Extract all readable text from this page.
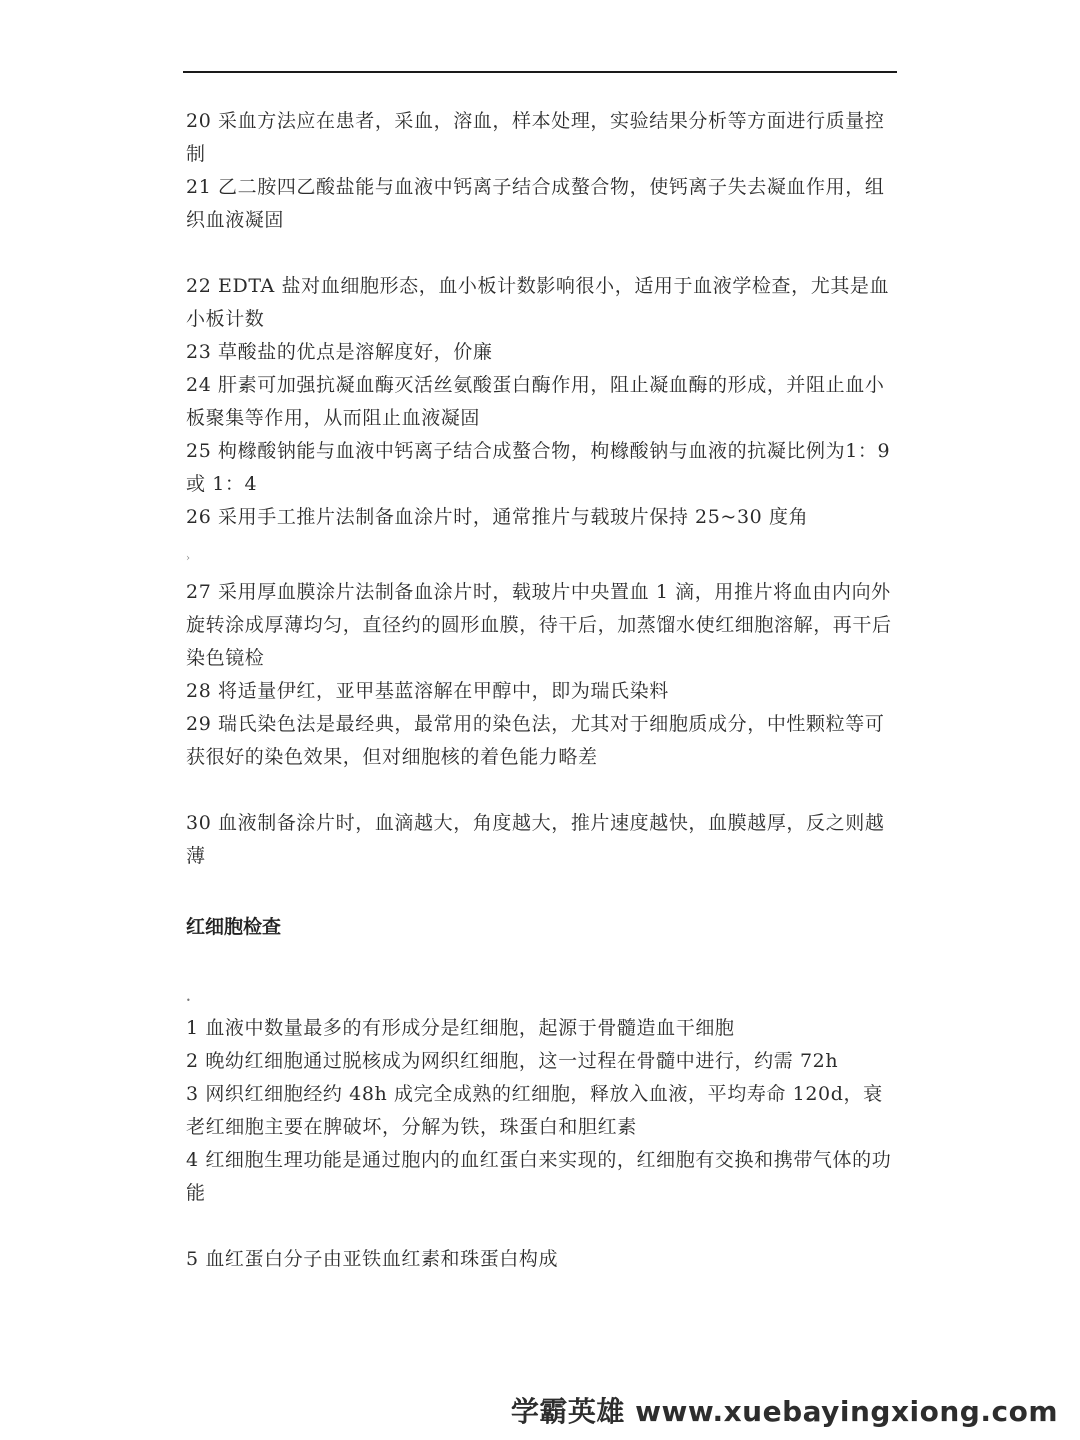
20 采血方法应在患者，采血，溶血，样本处理，实验结果分析等方面进行质量控制

21 乙二胺四乙酸盐能与血液中钙离子结合成螯合物，使钙离子失去凝血作用，组织血液凝固

22 EDTA 盐对血细胞形态，血小板计数影响很小，适用于血液学检查，尤其是血小板计数

23 草酸盐的优点是溶解度好，价廉

24 肝素可加强抗凝血酶灭活丝氨酸蛋白酶作用，阻止凝血酶的形成，并阻止血小板聚集等作用，从而阻止血液凝固

25 枸橼酸钠能与血液中钙离子结合成螯合物，枸橼酸钠与血液的抗凝比例为1：9 或 1：4

26 采用手工推片法制备血涂片时，通常推片与载玻片保持 25~30 度角

›

27 采用厚血膜涂片法制备血涂片时，载玻片中央置血 1 滴，用推片将血由内向外旋转涂成厚薄均匀，直径约的圆形血膜，待干后，加蒸馏水使红细胞溶解，再干后染色镜检

28 将适量伊红，亚甲基蓝溶解在甲醇中，即为瑞氏染料

29 瑞氏染色法是最经典，最常用的染色法，尤其对于细胞质成分，中性颗粒等可获很好的染色效果，但对细胞核的着色能力略差

30 血液制备涂片时，血滴越大，角度越大，推片速度越快，血膜越厚，反之则越薄

红细胞检查
•

1 血液中数量最多的有形成分是红细胞，起源于骨髓造血干细胞

2 晚幼红细胞通过脱核成为网织红细胞，这一过程在骨髓中进行，约需 72h

3 网织红细胞经约 48h 成完全成熟的红细胞，释放入血液，平均寿命 120d，衰老红细胞主要在脾破坏，分解为铁，珠蛋白和胆红素

4 红细胞生理功能是通过胞内的血红蛋白来实现的，红细胞有交换和携带气体的功能

5 血红蛋白分子由亚铁血红素和珠蛋白构成

学霸英雄 www.xuebayingxiong.com
